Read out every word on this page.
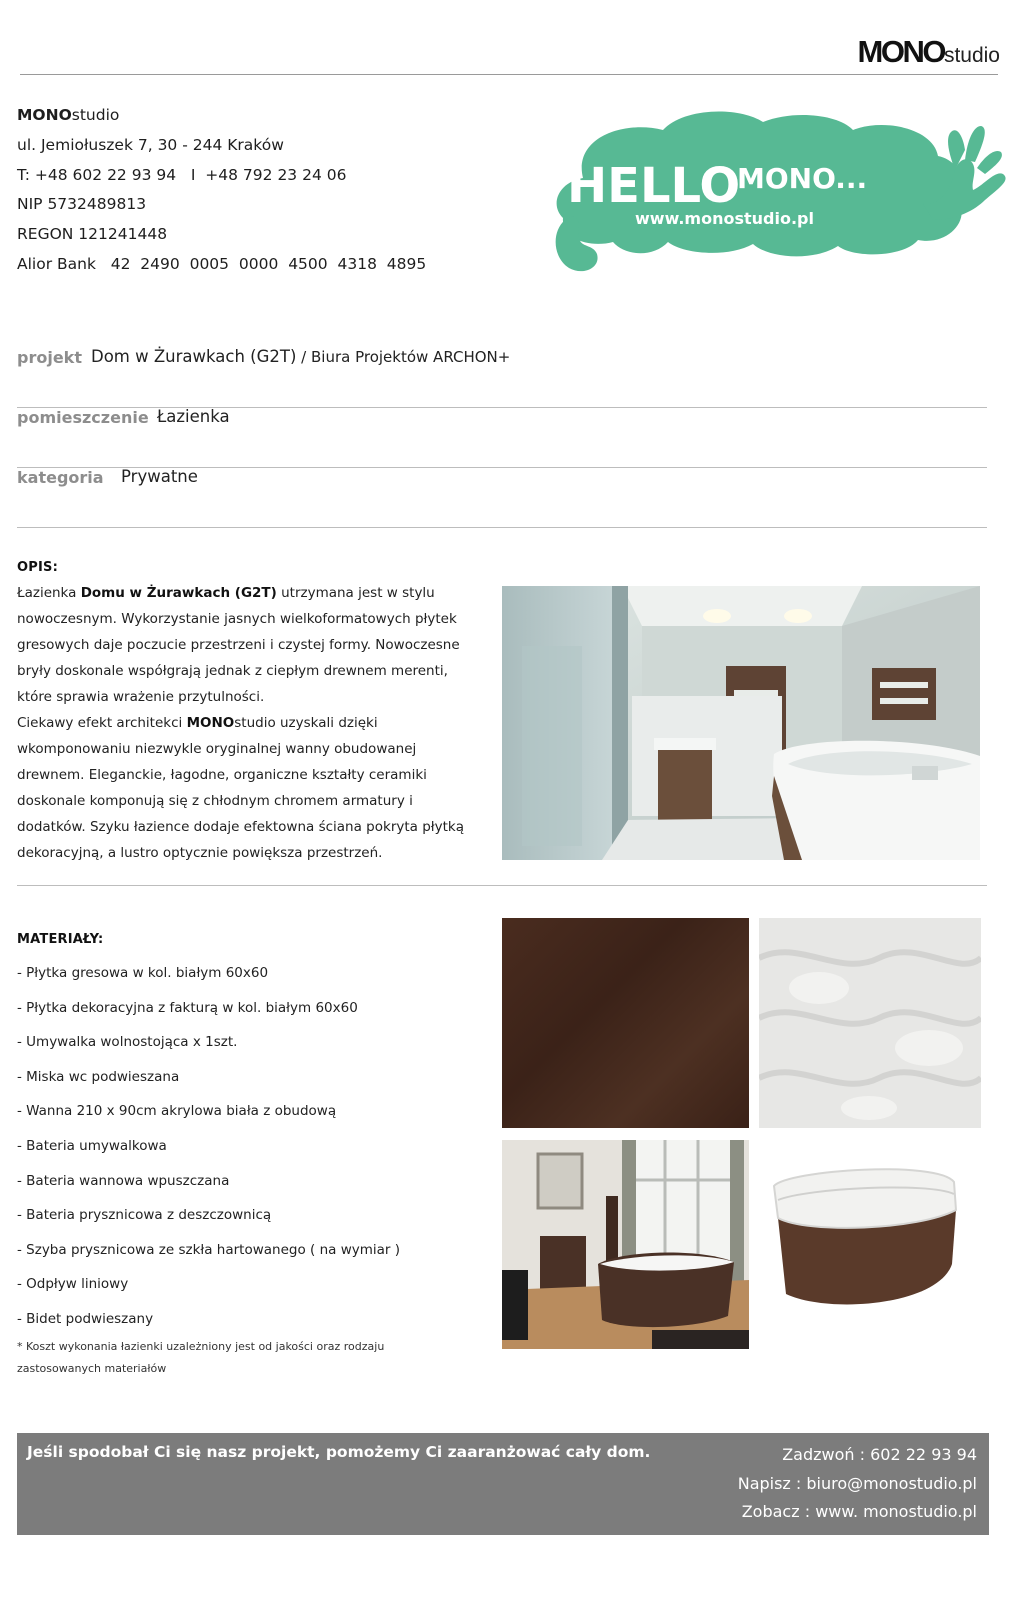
MONOstudio
MONOstudio
ul. Jemiołuszek 7, 30 - 244 Kraków
T: +48 602 22 93 94   I  +48 792 23 24 06
NIP 5732489813
REGON 121241448
Alior Bank   42  2490  0005  0000  4500  4318  4895
HELLO
MONO...
www.monostudio.pl
projekt Dom w Żurawkach (G2T) / Biura Projektów ARCHON+
pomieszczenie Łazienka
kategoria Prywatne
OPIS:
Łazienka Domu w Żurawkach (G2T) utrzymana jest w stylu
nowoczesnym. Wykorzystanie jasnych wielkoformatowych płytek
gresowych daje poczucie przestrzeni i czystej formy. Nowoczesne
bryły doskonale współgrają jednak z ciepłym drewnem merenti,
które sprawia wrażenie przytulności.
Ciekawy efekt architekci MONOstudio uzyskali dzięki
wkomponowaniu niezwykle oryginalnej wanny obudowanej
drewnem. Eleganckie, łagodne, organiczne kształty ceramiki
doskonale komponują się z chłodnym chromem armatury i
dodatków. Szyku łazience dodaje efektowna ściana pokryta płytką
dekoracyjną, a lustro optycznie powiększa przestrzeń.
MATERIAŁY:
- Płytka gresowa w kol. białym 60x60
- Płytka dekoracyjna z fakturą w kol. białym 60x60
- Umywalka wolnostojąca x 1szt.
- Miska wc podwieszana
- Wanna 210 x 90cm akrylowa biała z obudową
- Bateria umywalkowa
- Bateria wannowa wpuszczana
- Bateria prysznicowa z deszczownicą
- Szyba prysznicowa ze szkła hartowanego ( na wymiar )
- Odpływ liniowy
- Bidet podwieszany
* Koszt wykonania łazienki uzależniony jest od jakości oraz rodzaju
zastosowanych materiałów
Jeśli spodobał Ci się nasz projekt, pomożemy Ci zaaranżować cały dom.	Zadzwoń : 602 22 93 94
Napisz : biuro@monostudio.pl
Zobacz : www. monostudio.pl
